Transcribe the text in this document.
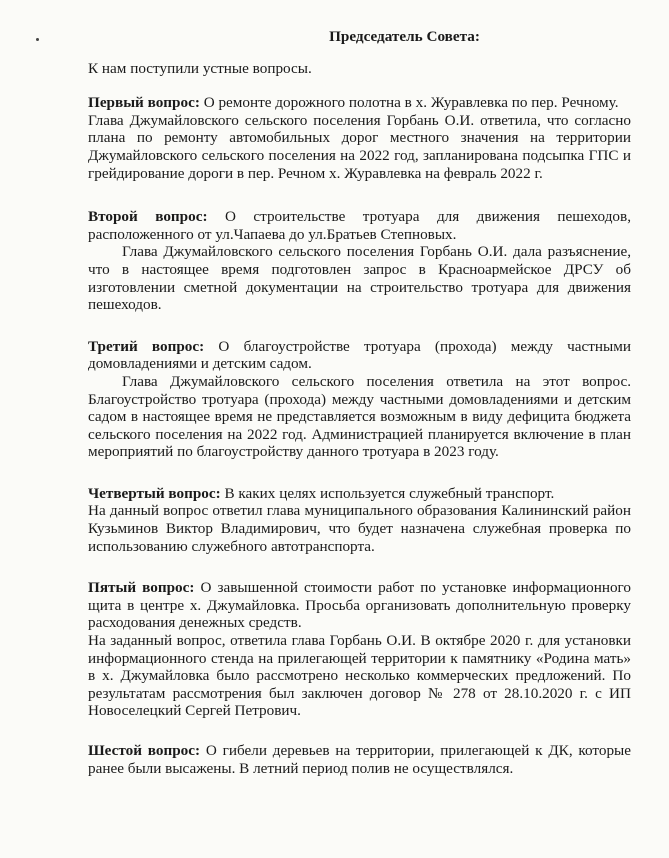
Председатель Совета:
К нам поступили устные вопросы.

Первый вопрос: О ремонте дорожного полотна в х. Журавлевка по пер. Речному.

Глава Джумайловского сельского поселения Горбань О.И. ответила, что согласно плана по ремонту автомобильных дорог местного значения на территории Джумайловского сельского поселения на 2022 год, запланирована подсыпка ГПС и грейдирование дороги в пер. Речном х. Журавлевка на февраль 2022 г.

Второй вопрос: О строительстве тротуара для движения пешеходов, расположенного от ул.Чапаева до ул.Братьев Степновых.

Глава Джумайловского сельского поселения Горбань О.И. дала разъяснение, что в настоящее время подготовлен запрос в Красноармейское ДРСУ об изготовлении сметной документации на строительство тротуара для движения пешеходов.

Третий вопрос: О благоустройстве тротуара (прохода) между частными домовладениями и детским садом.

Глава Джумайловского сельского поселения ответила на этот вопрос. Благоустройство тротуара (прохода) между частными домовладениями и детским садом в настоящее время не представляется возможным в виду дефицита бюджета сельского поселения на 2022 год. Администрацией планируется включение в план мероприятий по благоустройству данного тротуара в 2023 году.

Четвертый вопрос: В каких целях используется служебный транспорт.

На данный вопрос ответил глава муниципального образования Калининский район Кузьминов Виктор Владимирович, что будет назначена служебная проверка по использованию служебного автотранспорта.

Пятый вопрос: О завышенной стоимости работ по установке информационного щита в центре х. Джумайловка. Просьба организовать дополнительную проверку расходования денежных средств.

На заданный вопрос, ответила глава Горбань О.И. В октябре 2020 г. для установки информационного стенда на прилегающей территории к памятнику «Родина мать» в х. Джумайловка было рассмотрено несколько коммерческих предложений. По результатам рассмотрения был заключен договор № 278 от 28.10.2020 г. с ИП Новоселецкий Сергей Петрович.

Шестой вопрос: О гибели деревьев на территории, прилегающей к ДК, которые ранее были высажены. В летний период полив не осуществлялся.
